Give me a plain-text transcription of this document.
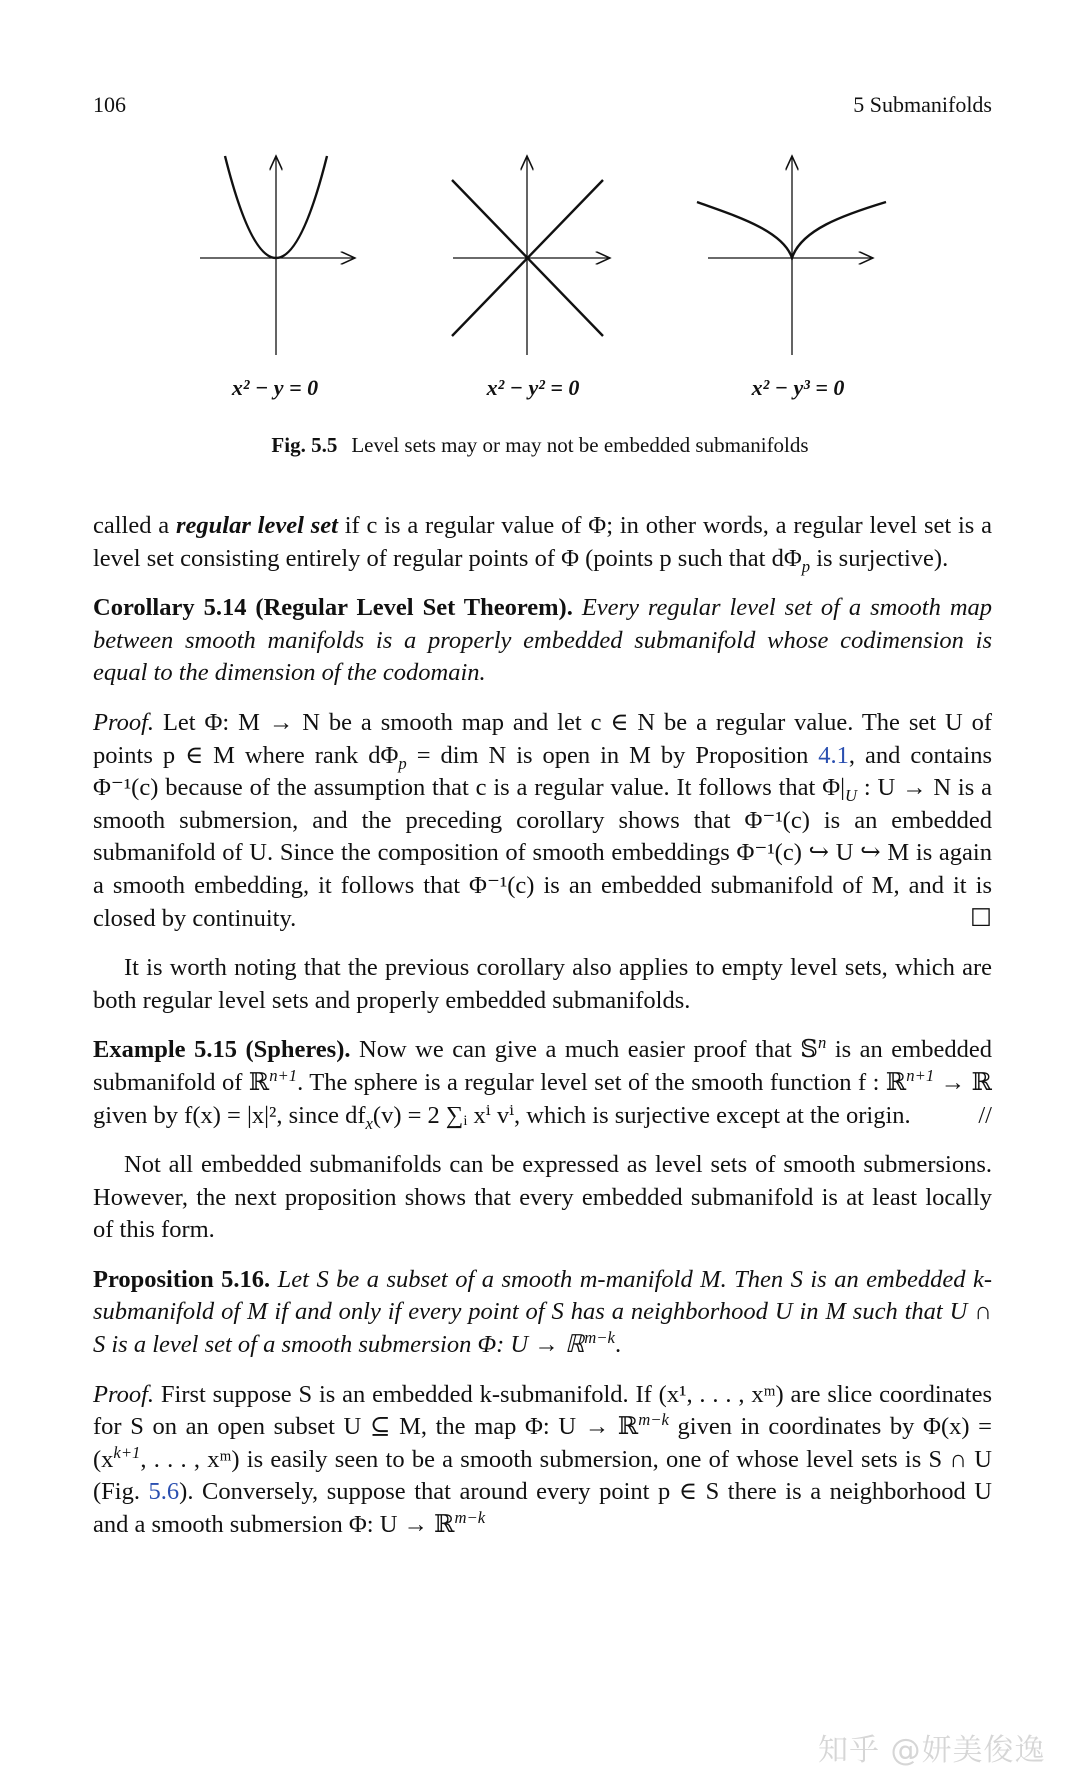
106	5 Submanifolds
x² − y = 0	x² − y² = 0	x² − y³ = 0
Fig. 5.5 Level sets may or may not be embedded submanifolds

called a regular level set if c is a regular value of Φ; in other words, a regular level set is a level set consisting entirely of regular points of Φ (points p such that $d\Phi_p$ is surjective).

Corollary 5.14 (Regular Level Set Theorem). Every regular level set of a smooth map between smooth manifolds is a properly embedded submanifold whose codimension is equal to the dimension of the codomain.

Proof. Let Φ: M → N be a smooth map and let c ∈ N be a regular value. The set U of points p ∈ M where rank $d\Phi_p$ = dim N is open in M by Proposition 4.1, and contains Φ⁻¹(c) because of the assumption that c is a regular value. It follows that $\Phi|_U$ : U → N is a smooth submersion, and the preceding corollary shows that Φ⁻¹(c) is an embedded submanifold of U. Since the composition of smooth embeddings Φ⁻¹(c) ↪ U ↪ M is again a smooth embedding, it follows that Φ⁻¹(c) is an embedded submanifold of M, and it is closed by continuity.	☐

It is worth noting that the previous corollary also applies to empty level sets, which are both regular level sets and properly embedded submanifolds.

Example 5.15 (Spheres). Now we can give a much easier proof that 𝕊$^n$ is an embedded submanifold of ℝ$^{n+1}$. The sphere is a regular level set of the smooth function f : ℝ$^{n+1}$ → ℝ given by f(x) = |x|², since $df_x(v) = 2$ ∑ᵢ xⁱ vⁱ, which is surjective except at the origin.	//

Not all embedded submanifolds can be expressed as level sets of smooth submersions. However, the next proposition shows that every embedded submanifold is at least locally of this form.

Proposition 5.16. Let S be a subset of a smooth m-manifold M. Then S is an embedded k-submanifold of M if and only if every point of S has a neighborhood U in M such that U ∩ S is a level set of a smooth submersion Φ: U → ℝ$^{m-k}$.

Proof. First suppose S is an embedded k-submanifold. If (x¹, . . . , xᵐ) are slice coordinates for S on an open subset U ⊆ M, the map Φ: U → ℝ$^{m-k}$ given in coordinates by $\Phi(x) = (x^{k+1}$, . . . , xᵐ) is easily seen to be a smooth submersion, one of whose level sets is S ∩ U (Fig. 5.6). Conversely, suppose that around every point p ∈ S there is a neighborhood U and a smooth submersion Φ: U → ℝ$^{m-k}$

知乎 @妍美俊逸
